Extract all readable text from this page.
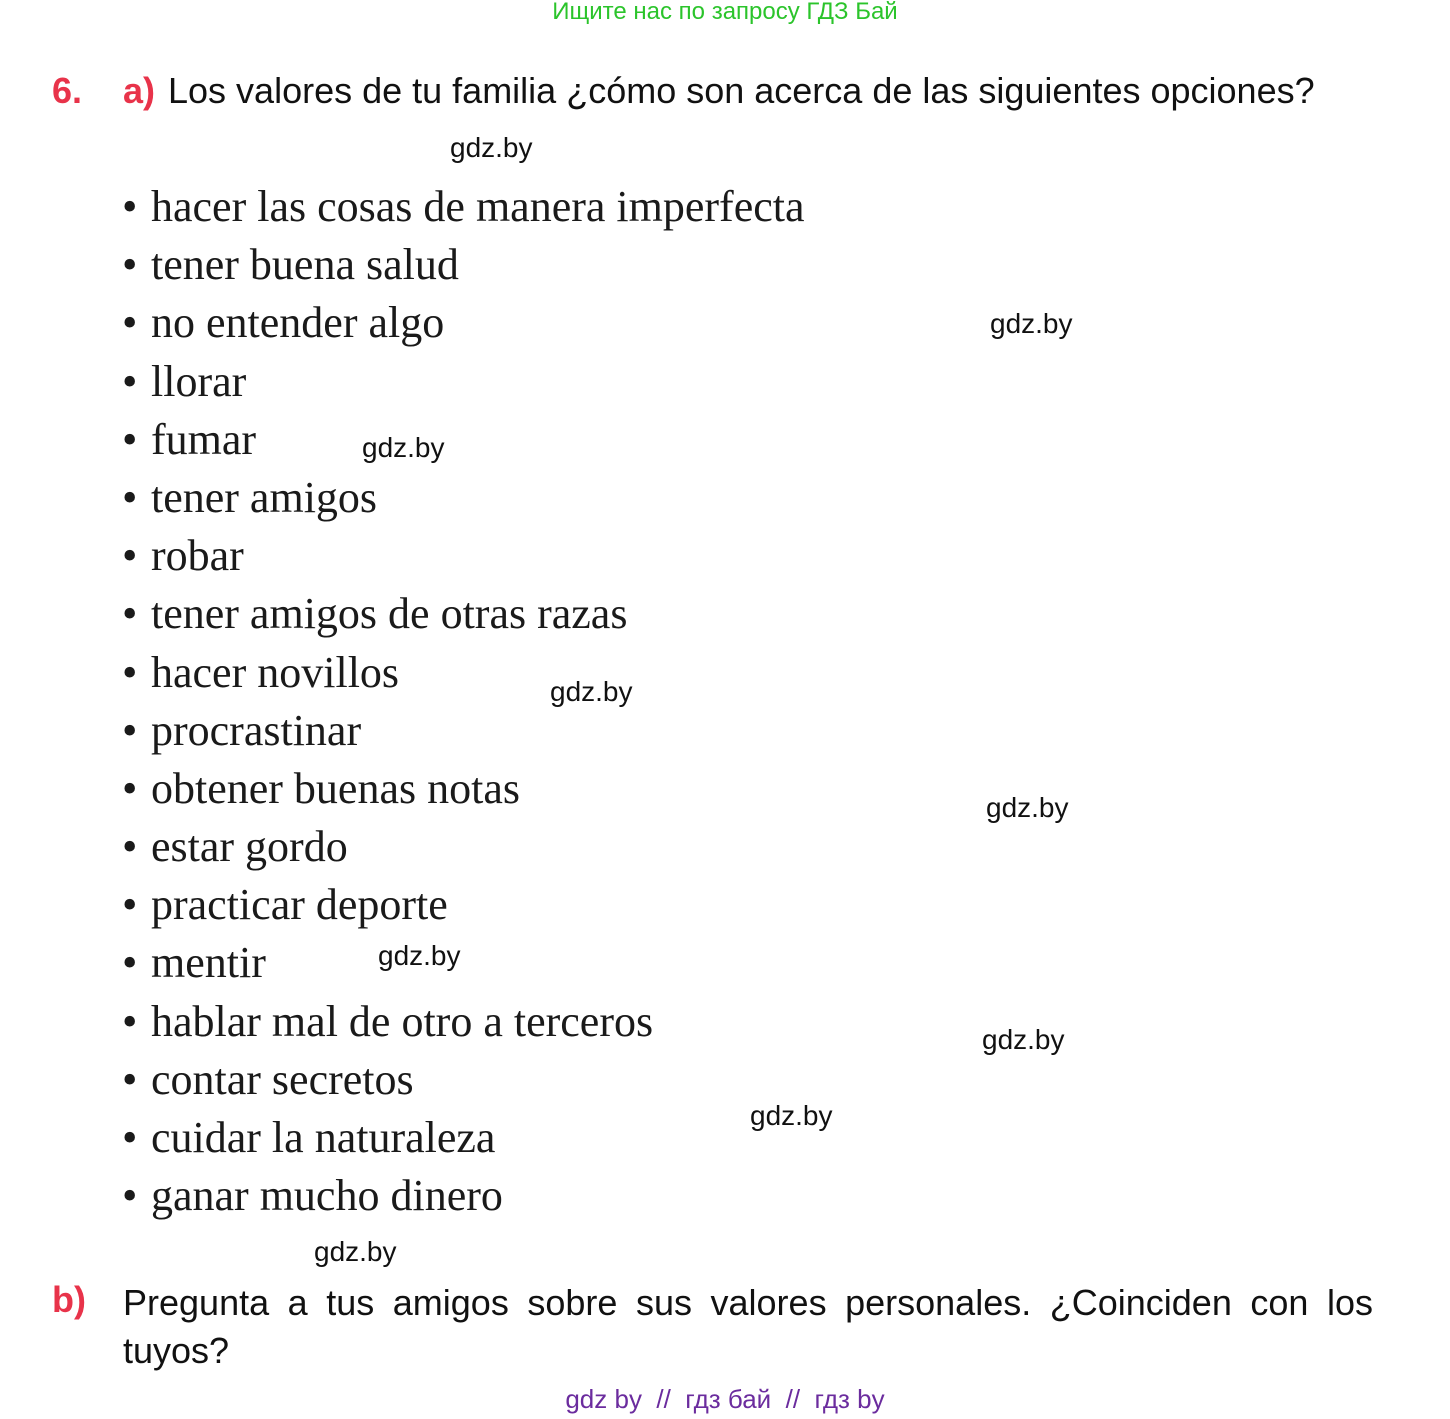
Ищите нас по запросу ГДЗ Бай
6. a) Los valores de tu familia ¿cómo son acerca de las siguientes opciones?
• hacer las cosas de manera imperfecta
• tener buena salud
• no entender algo
• llorar
• fumar
• tener amigos
• robar
• tener amigos de otras razas
• hacer novillos
• procrastinar
• obtener buenas notas
• estar gordo
• practicar deporte
• mentir
• hablar mal de otro a terceros
• contar secretos
• cuidar la naturaleza
• ganar mucho dinero
gdz.by
gdz.by
gdz.by
gdz.by
gdz.by
gdz.by
gdz.by
gdz.by
gdz.by
b) Pregunta a tus amigos sobre sus valores personales. ¿Coinciden con los tuyos?
gdz by  //  гдз бай  //  гдз by
